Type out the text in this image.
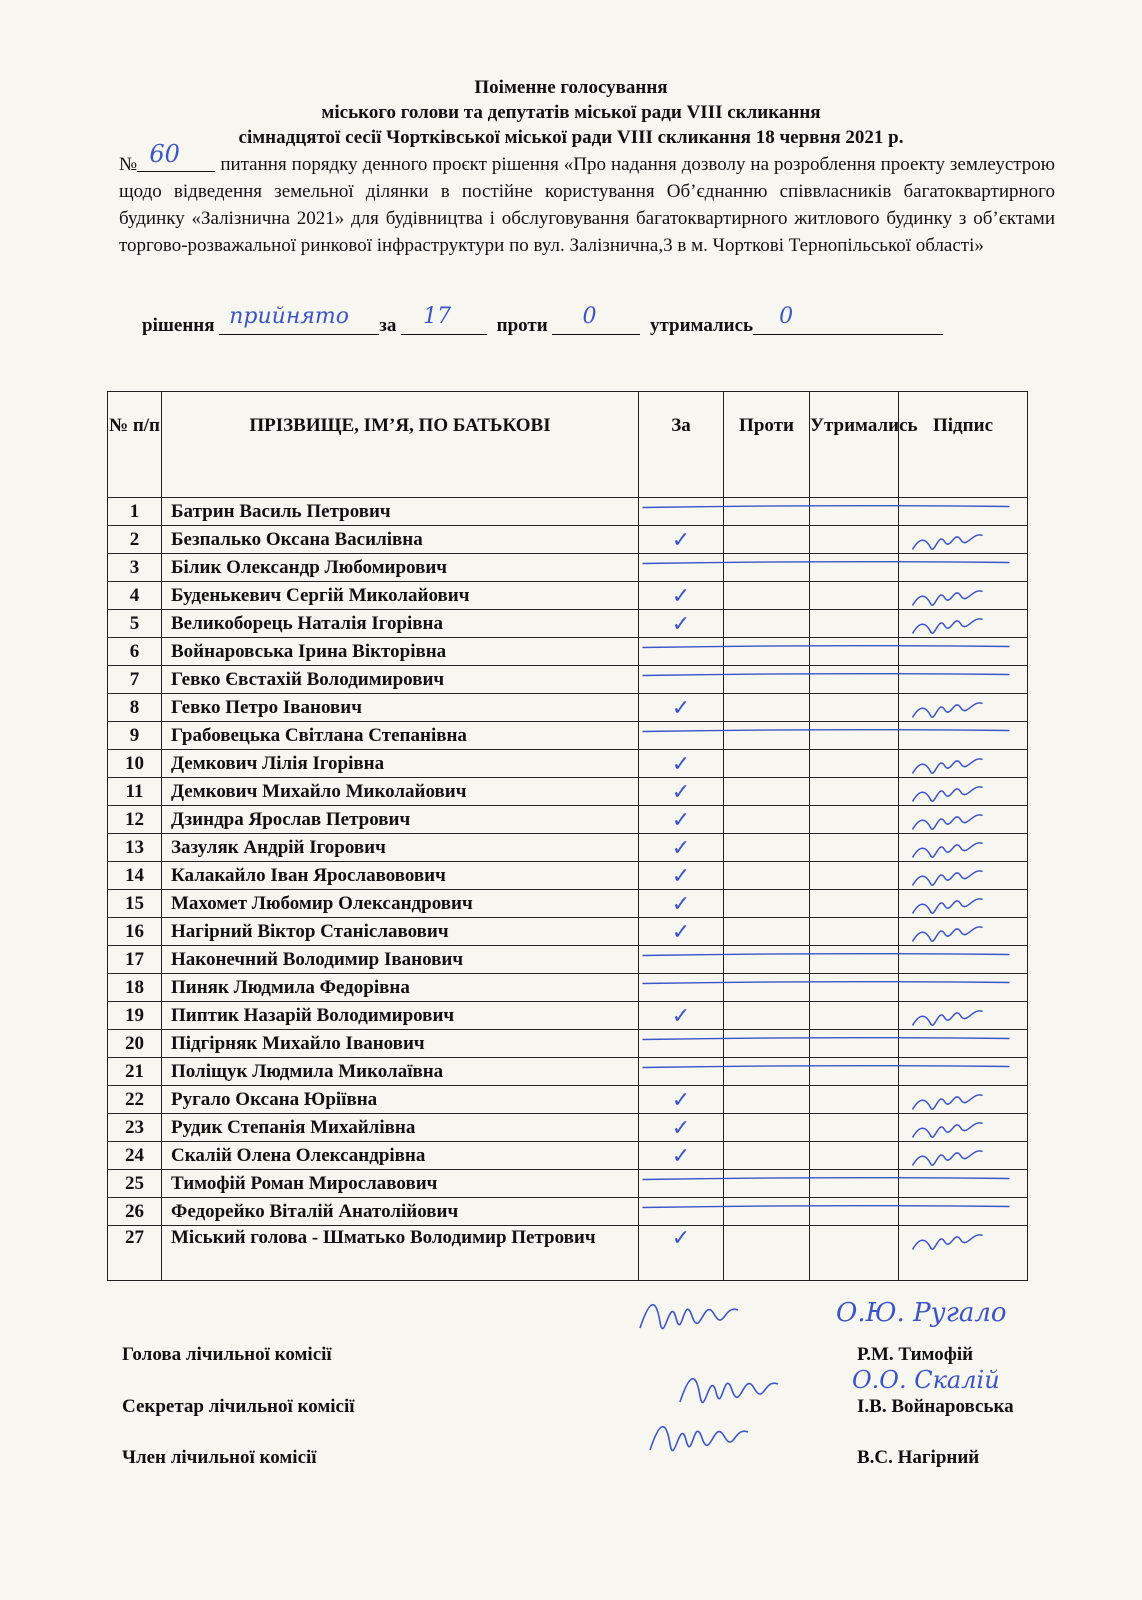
Поіменне голосування
міського голови та депутатів міської ради VIII скликання
сімнадцятої сесії Чортківської міської ради VIII скликання 18 червня 2021 р.
№ 60 питання порядку денного проєкт рішення «Про надання дозволу на розроблення проекту землеустрою щодо відведення земельної ділянки в постійне користування Об’єднанню співвласників багатоквартирного будинку «Залізнична 2021» для будівництва і обслуговування багатоквартирного житлового будинку з об’єктами торгово-розважальної ринкової інфраструктури по вул. Залізнична,3 в м. Чорткові Тернопільської області»
рішення прийнято за 17 проти 0	утримались 0
№ п/п	ПРІЗВИЩЕ, ІМ’Я, ПО БАТЬКОВІ	За	Проти	Утримались	Підпис
1	Батрин Василь Петрович				
2	Безпалько Оксана Василівна	✓			
3	Білик Олександр Любомирович				
4	Буденькевич Сергій Миколайович	✓			
5	Великоборець Наталія Ігорівна	✓			
6	Войнаровська Ірина Вікторівна				
7	Гевко Євстахій Володимирович				
8	Гевко Петро Іванович	✓			
9	Грабовецька Світлана Степанівна				
10	Демкович Лілія Ігорівна	✓			
11	Демкович Михайло Миколайович	✓			
12	Дзиндра Ярослав Петрович	✓			
13	Зазуляк Андрій Ігорович	✓			
14	Калакайло Іван Ярославовович	✓			
15	Махомет Любомир Олександрович	✓			
16	Нагірний Віктор Станіславович	✓			
17	Наконечний Володимир Іванович				
18	Пиняк Людмила Федорівна				
19	Пиптик Назарій Володимирович	✓			
20	Підгірняк Михайло Іванович				
21	Поліщук Людмила Миколаївна				
22	Ругало Оксана Юріївна	✓			
23	Рудик Степанія Михайлівна	✓			
24	Скалій Олена Олександрівна	✓			
25	Тимофій Роман Мирославович				
26	Федорейко Віталій Анатолійович				
27	Міський голова - Шматько Володимир Петрович	✓			
Голова лічильної комісії	Р.М. Тимофій
Секретар лічильної комісії	І.В. Войнаровська
Член лічильної комісії	В.С. Нагірний
О.Ю. Ругало
О.О. Скалій
